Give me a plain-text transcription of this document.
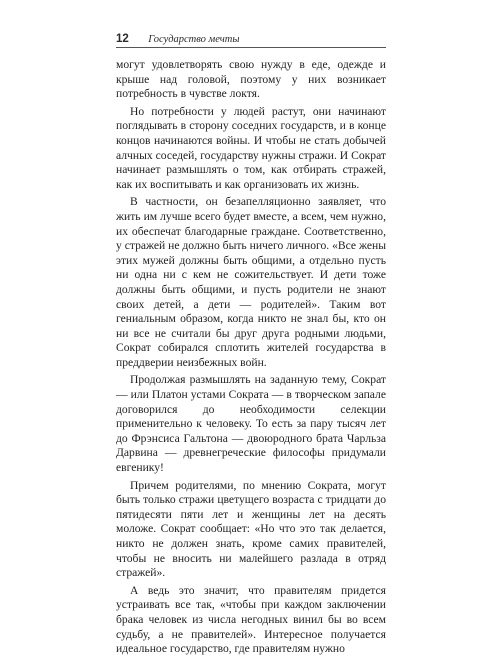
12 Государство мечты

могут удовлетворять свою нужду в еде, одежде и крыше над головой, поэтому у них возникает потребность в чувстве локтя.

Но потребности у людей растут, они начинают поглядывать в сторону соседних государств, и в конце концов начинаются войны. И чтобы не стать добычей алчных соседей, государству нужны стражи. И Сократ начинает размышлять о том, как отбирать стражей, как их воспитывать и как организовать их жизнь.

В частности, он безапелляционно заявляет, что жить им лучше всего будет вместе, а всем, чем нужно, их обеспечат благодарные граждане. Соответственно, у стражей не должно быть ничего личного. «Все жены этих мужей должны быть общими, а отдельно пусть ни одна ни с кем не сожительствует. И дети тоже должны быть общими, и пусть родители не знают своих детей, а дети — родителей». Таким вот гениальным образом, когда никто не знал бы, кто он ни все не считали бы друг друга родными людьми, Сократ собирался сплотить жителей государства в преддверии неизбежных войн.

Продолжая размышлять на заданную тему, Сократ — или Платон устами Сократа — в творческом запале договорился до необходимости селекции применительно к человеку. То есть за пару тысяч лет до Фрэнсиса Гальтона — двоюродного брата Чарльза Дарвина — древнегреческие философы придумали евгенику!

Причем родителями, по мнению Сократа, могут быть только стражи цветущего возраста с тридцати до пятидесяти пяти лет и женщины лет на десять моложе. Сократ сообщает: «Но что это так делается, никто не должен знать, кроме самих правителей, чтобы не вносить ни малейшего разлада в отряд стражей».

А ведь это значит, что правителям придется устраивать все так, «чтобы при каждом заключении брака человек из числа негодных винил бы во всем судьбу, а не правителей». Интересное получается идеальное государство, где правителям нужно
